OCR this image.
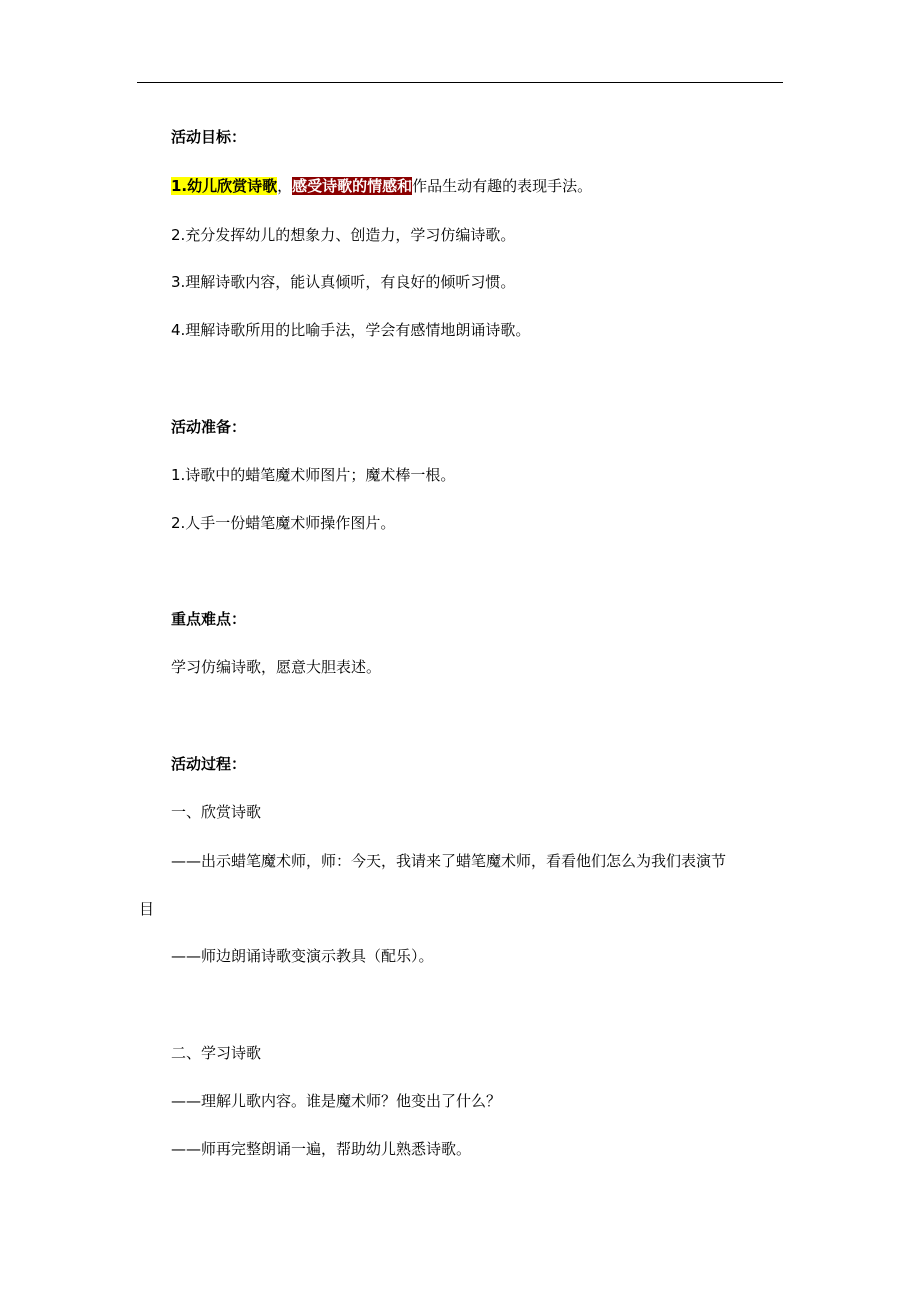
活动目标：
1.幼儿欣赏诗歌，感受诗歌的情感和作品生动有趣的表现手法。
2.充分发挥幼儿的想象力、创造力，学习仿编诗歌。
3.理解诗歌内容，能认真倾听，有良好的倾听习惯。
4.理解诗歌所用的比喻手法，学会有感情地朗诵诗歌。
活动准备：
1.诗歌中的蜡笔魔术师图片；魔术棒一根。
2.人手一份蜡笔魔术师操作图片。
重点难点：
学习仿编诗歌，愿意大胆表述。
活动过程：
一、欣赏诗歌
——出示蜡笔魔术师，师：今天，我请来了蜡笔魔术师，看看他们怎么为我们表演节
目
——师边朗诵诗歌变演示教具（配乐）。
二、学习诗歌
——理解儿歌内容。谁是魔术师？他变出了什么？
——师再完整朗诵一遍，帮助幼儿熟悉诗歌。
